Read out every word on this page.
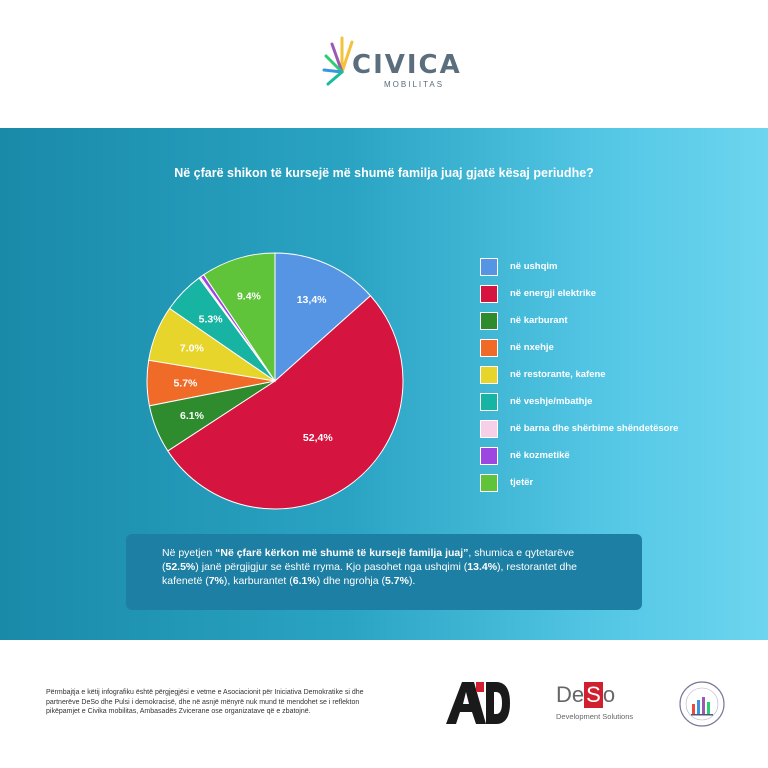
CIVICA
MOBILITAS
Në çfarë shikon të kursejë më shumë familja juaj gjatë kësaj periudhe?
13,4%
52,4%
6.1%
5.7%
7.0%
5.3%
9.4%
në ushqim
në energji elektrike
në karburant
në nxehje
në restorante, kafene
në veshje/mbathje
në barna dhe shërbime shëndetësore
në kozmetikë
tjetër
Në pyetjen “Në çfarë kërkon më shumë të kursejë familja juaj”, shumica e qytetarëve (52.5%) janë përgjigjur se është rryma. Kjo pasohet nga ushqimi (13.4%), restorantet dhe kafenetë (7%), karburantet (6.1%) dhe ngrohja (5.7%).
Përmbajtja e këtij infografiku është përgjegjësi e vetme e Asociacionit për Iniciativa Demokratike si dhe partnerëve DeSo dhe Pulsi i demokracisë, dhe në asnjë mënyrë nuk mund të mendohet se i reflekton pikëpamjet e Civika mobilitas, Ambasadës Zvicerane ose organizatave që e zbatojnë.
AID
DeSo
Development Solutions
